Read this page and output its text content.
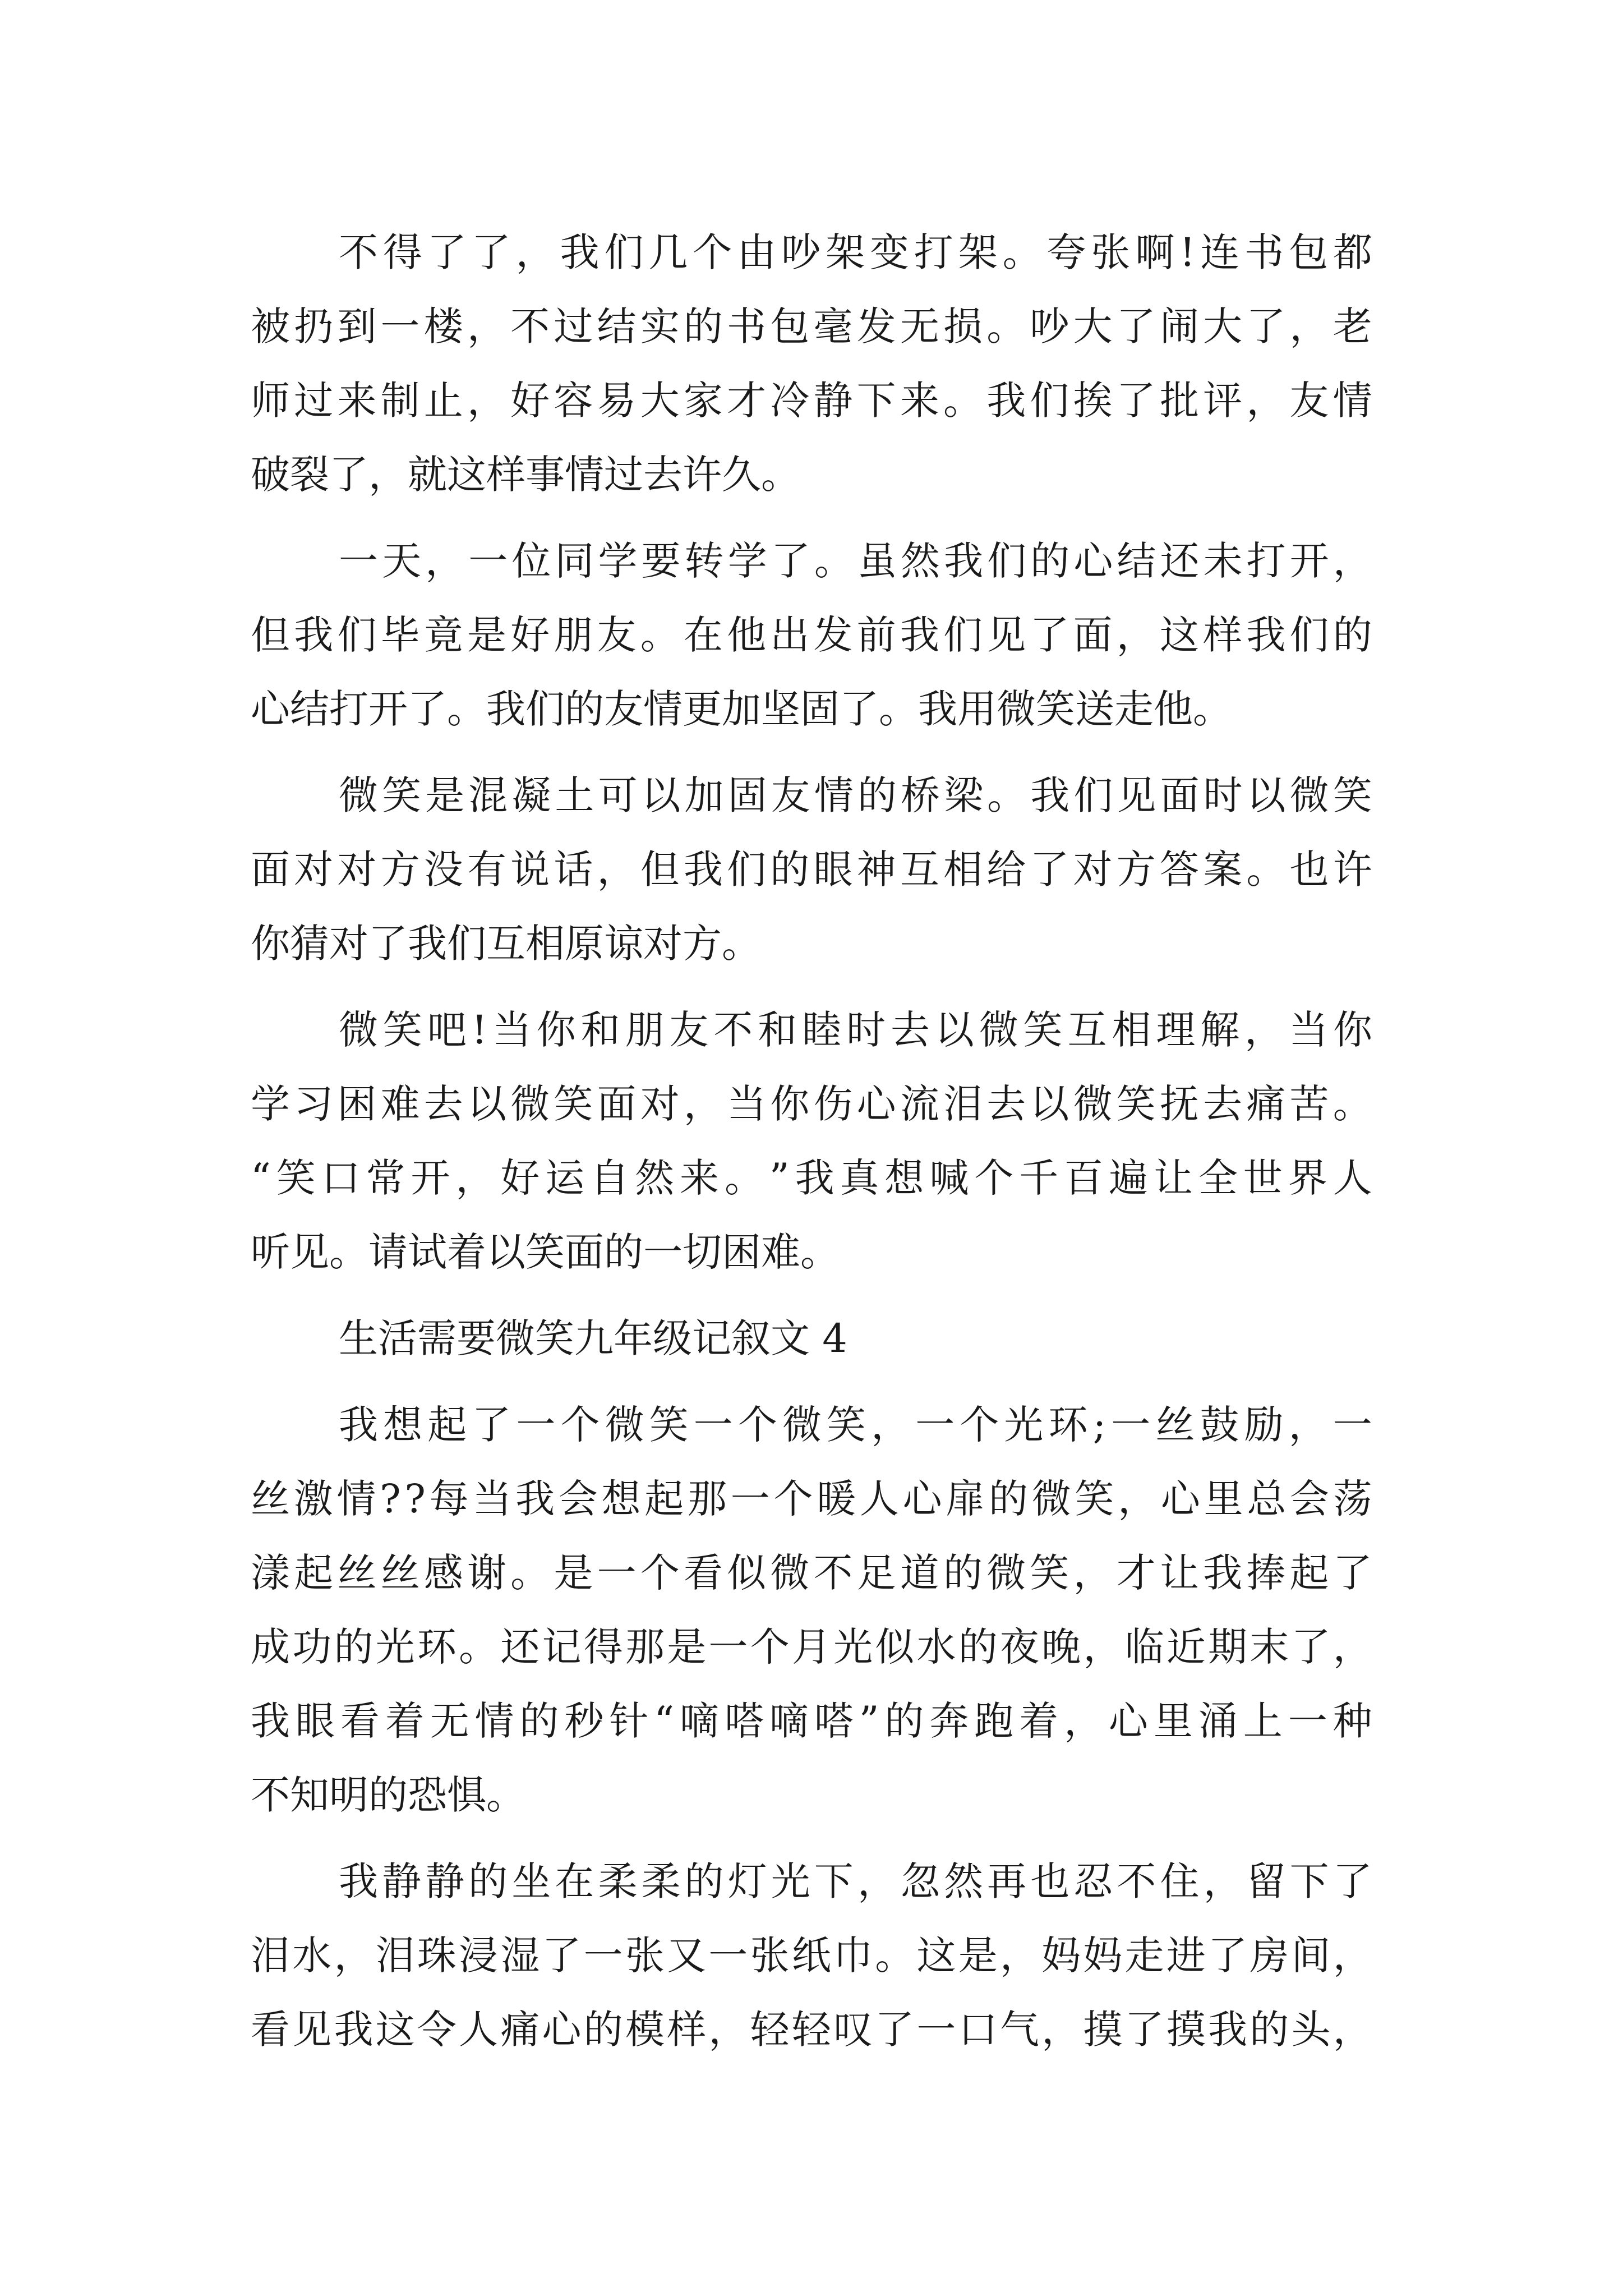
不 得 了 了 ， 我 们 几 个 由 吵 架 变 打 架 。 夸 张 啊 ! 连 书 包 都
被 扔 到 一 楼 ， 不 过 结 实 的 书 包 毫 发 无 损 。 吵 大 了 闹 大 了 ， 老
师 过 来 制 止 ， 好 容 易 大 家 才 冷 静 下 来 。 我 们 挨 了 批 评 ， 友 情
破裂了，就这样事情过去许久。
一 天 ， 一 位 同 学 要 转 学 了 。 虽 然 我 们 的 心 结 还 未 打 开 ，
但 我 们 毕 竟 是 好 朋 友 。 在 他 出 发 前 我 们 见 了 面 ， 这 样 我 们 的
心结打开了。我们的友情更加坚固了。我用微笑送走他。
微 笑 是 混 凝 土 可 以 加 固 友 情 的 桥 梁 。 我 们 见 面 时 以 微 笑
面 对 对 方 没 有 说 话 ， 但 我 们 的 眼 神 互 相 给 了 对 方 答 案 。 也 许
你猜对了我们互相原谅对方。
微 笑 吧 ! 当 你 和 朋 友 不 和 睦 时 去 以 微 笑 互 相 理 解 ， 当 你
学 习 困 难 去 以 微 笑 面 对 ， 当 你 伤 心 流 泪 去 以 微 笑 抚 去 痛 苦 。
“ 笑 口 常 开 ， 好 运 自 然 来 。 ” 我 真 想 喊 个 千 百 遍 让 全 世 界 人
听见。请试着以笑面的一切困难。
生活需要微笑九年级记叙文 4
我 想 起 了 一 个 微 笑 一 个 微 笑 ， 一 个 光 环 ; 一 丝 鼓 励 ， 一
丝 激 情 ? ? 每 当 我 会 想 起 那 一 个 暖 人 心 扉 的 微 笑 ， 心 里 总 会 荡
漾 起 丝 丝 感 谢 。 是 一 个 看 似 微 不 足 道 的 微 笑 ， 才 让 我 捧 起 了
成 功 的 光 环 。 还 记 得 那 是 一 个 月 光 似 水 的 夜 晚 ， 临 近 期 末 了 ，
我 眼 看 着 无 情 的 秒 针 “ 嘀 嗒 嘀 嗒 ” 的 奔 跑 着 ， 心 里 涌 上 一 种
不知明的恐惧。
我 静 静 的 坐 在 柔 柔 的 灯 光 下 ， 忽 然 再 也 忍 不 住 ， 留 下 了
泪 水 ， 泪 珠 浸 湿 了 一 张 又 一 张 纸 巾 。 这 是 ， 妈 妈 走 进 了 房 间 ，
看 见 我 这 令 人 痛 心 的 模 样 ， 轻 轻 叹 了 一 口 气 ， 摸 了 摸 我 的 头 ，
